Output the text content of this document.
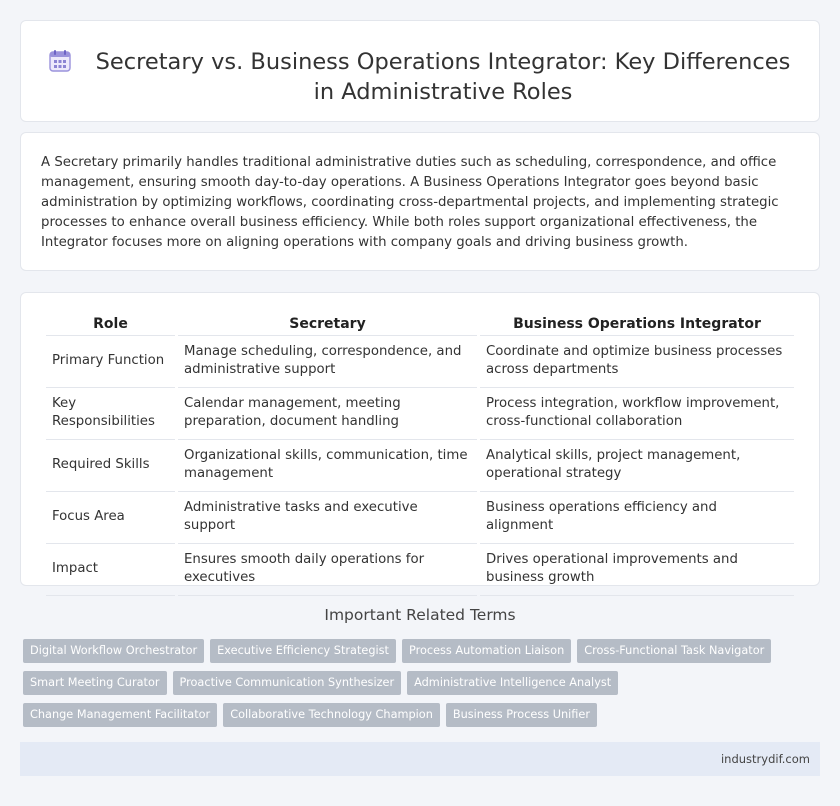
Secretary vs. Business Operations Integrator: Key Differences in Administrative Roles

A Secretary primarily handles traditional administrative duties such as scheduling, correspondence, and office management, ensuring smooth day-to-day operations. A Business Operations Integrator goes beyond basic administration by optimizing workflows, coordinating cross-departmental projects, and implementing strategic processes to enhance overall business efficiency. While both roles support organizational effectiveness, the Integrator focuses more on aligning operations with company goals and driving business growth.

Role	Secretary	Business Operations Integrator
Primary Function	Manage scheduling, correspondence, and administrative support	Coordinate and optimize business processes across departments
Key Responsibilities	Calendar management, meeting preparation, document handling	Process integration, workflow improvement, cross-functional collaboration
Required Skills	Organizational skills, communication, time management	Analytical skills, project management, operational strategy
Focus Area	Administrative tasks and executive support	Business operations efficiency and alignment
Impact	Ensures smooth daily operations for executives	Drives operational improvements and business growth
Important Related Terms
Digital Workflow Orchestrator	Executive Efficiency Strategist	Process Automation Liaison	Cross-Functional Task Navigator
Smart Meeting Curator	Proactive Communication Synthesizer	Administrative Intelligence Analyst
Change Management Facilitator	Collaborative Technology Champion	Business Process Unifier
industrydif.com
